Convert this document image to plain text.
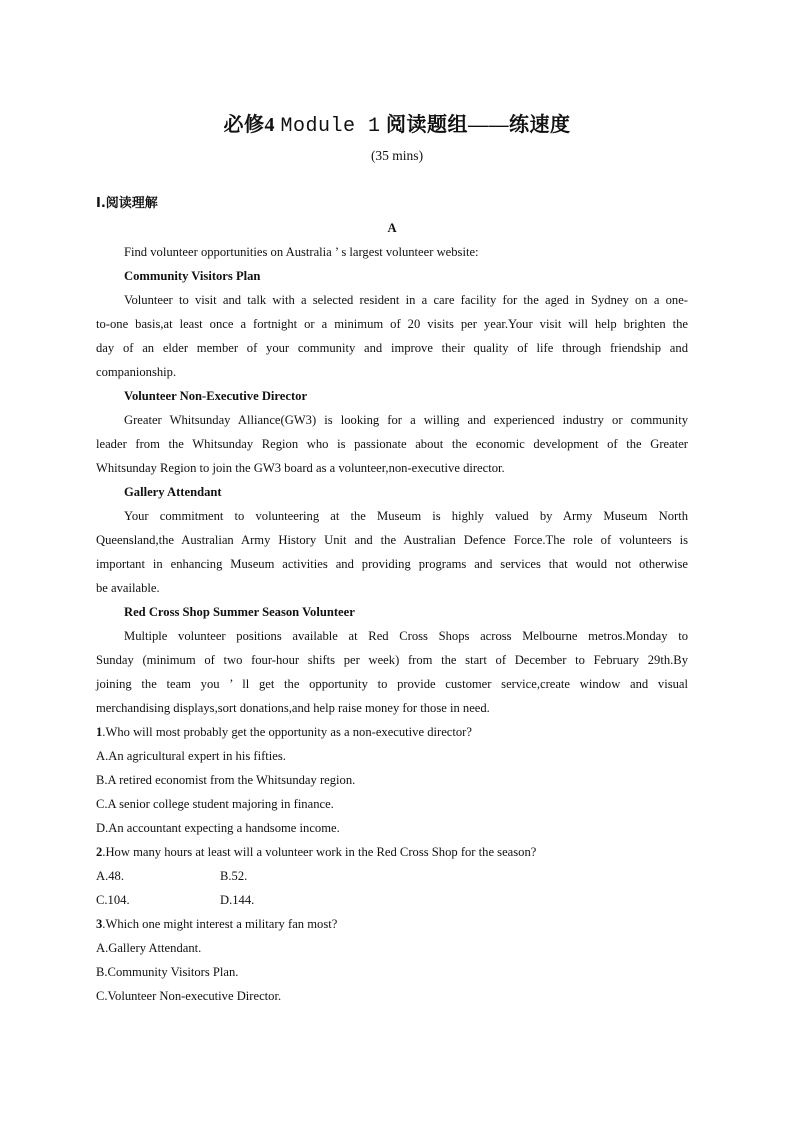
必修4 Module 1 阅读题组——练速度
(35 mins)
Ⅰ.阅读理解
A
Find volunteer opportunities on Australia ’ s largest volunteer website:
Community Visitors Plan
Volunteer to visit and talk with a selected resident in a care facility for the aged in Sydney on a one-
to-one basis,at least once a fortnight or a minimum of 20 visits per year.Your visit will help brighten the
day of an elder member of your community and improve their quality of life through friendship and
companionship.
Volunteer Non-Executive Director
Greater Whitsunday Alliance(GW3) is looking for a willing and experienced industry or community
leader from the Whitsunday Region who is passionate about the economic development of the Greater
Whitsunday Region to join the GW3 board as a volunteer,non-executive director.
Gallery Attendant
Your commitment to volunteering at the Museum is highly valued by Army Museum North
Queensland,the Australian Army History Unit and the Australian Defence Force.The role of volunteers is
important in enhancing Museum activities and providing programs and services that would not otherwise
be available.
Red Cross Shop Summer Season Volunteer
Multiple volunteer positions available at Red Cross Shops across Melbourne metros.Monday to
Sunday (minimum of two four-hour shifts per week) from the start of December to February 29th.By
joining the team you ’ ll get the opportunity to provide customer service,create window and visual
merchandising displays,sort donations,and help raise money for those in need.
1.Who will most probably get the opportunity as a non-executive director?
A.An agricultural expert in his fifties.
B.A retired economist from the Whitsunday region.
C.A senior college student majoring in finance.
D.An accountant expecting a handsome income.
2.How many hours at least will a volunteer work in the Red Cross Shop for the season?
A.48.	B.52.
C.104.	D.144.
3.Which one might interest a military fan most?
A.Gallery Attendant.
B.Community Visitors Plan.
C.Volunteer Non-executive Director.
